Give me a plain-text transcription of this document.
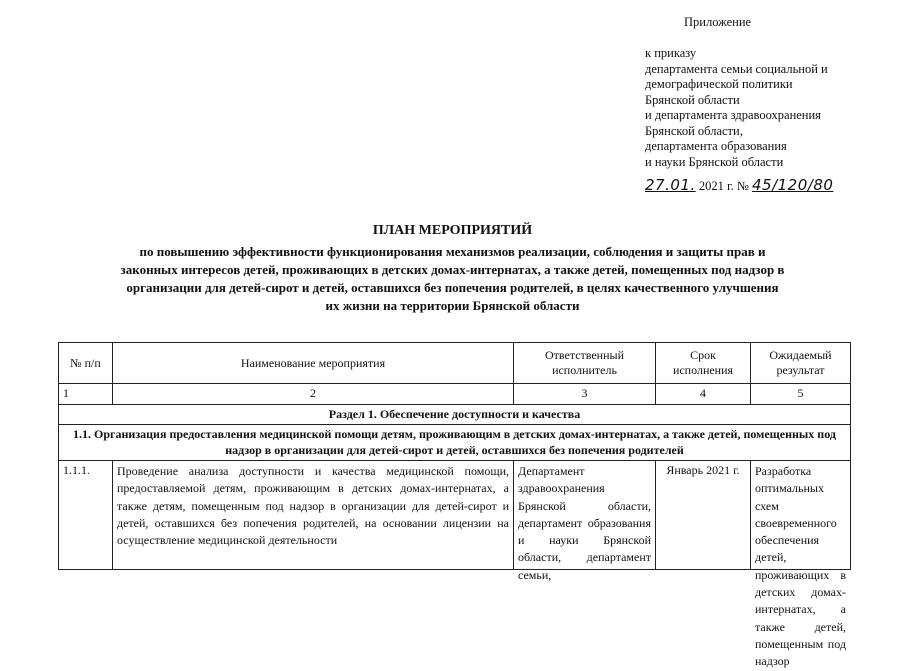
Приложение
к приказу
департамента семьи социальной и
демографической политики
Брянской области
и департамента здравоохранения
Брянской области,
департамента образования
и науки Брянской области
27.01. 2021 г. № 45/120/80
ПЛАН МЕРОПРИЯТИЙ
по повышению эффективности функционирования механизмов реализации, соблюдения и защиты прав и законных интересов детей, проживающих в детских домах-интернатах, а также детей, помещенных под надзор в организации для детей-сирот и детей, оставшихся без попечения родителей, в целях качественного улучшения их жизни на территории Брянской области
№ п/п	Наименование мероприятия	Ответственный исполнитель	Срок исполнения	Ожидаемый результат
1	2	3	4	5
Раздел 1. Обеспечение доступности и качества				
1.1. Организация предоставления медицинской помощи детям, проживающим в детских домах-интернатах, а также детей, помещенных под надзор в организации для детей-сирот и детей, оставшихся без попечения родителей				

1.1.1.	Проведение анализа доступности и качества медицинской помощи, предоставляемой детям, проживающим в детских домах-интернатах, а также детям, помещенным под надзор в организации для детей-сирот и детей, оставшихся без попечения родителей, на основании лицензии на осуществление медицинской деятельности	Департамент здравоохранения Брянской области, департамент образования и науки Брянской области, департамент семьи,	Январь 2021 г.	Разработка оптимальных схем своевременного обеспечения детей, проживающих в детских домах-интернатах, а также детей, помещенным под надзор
